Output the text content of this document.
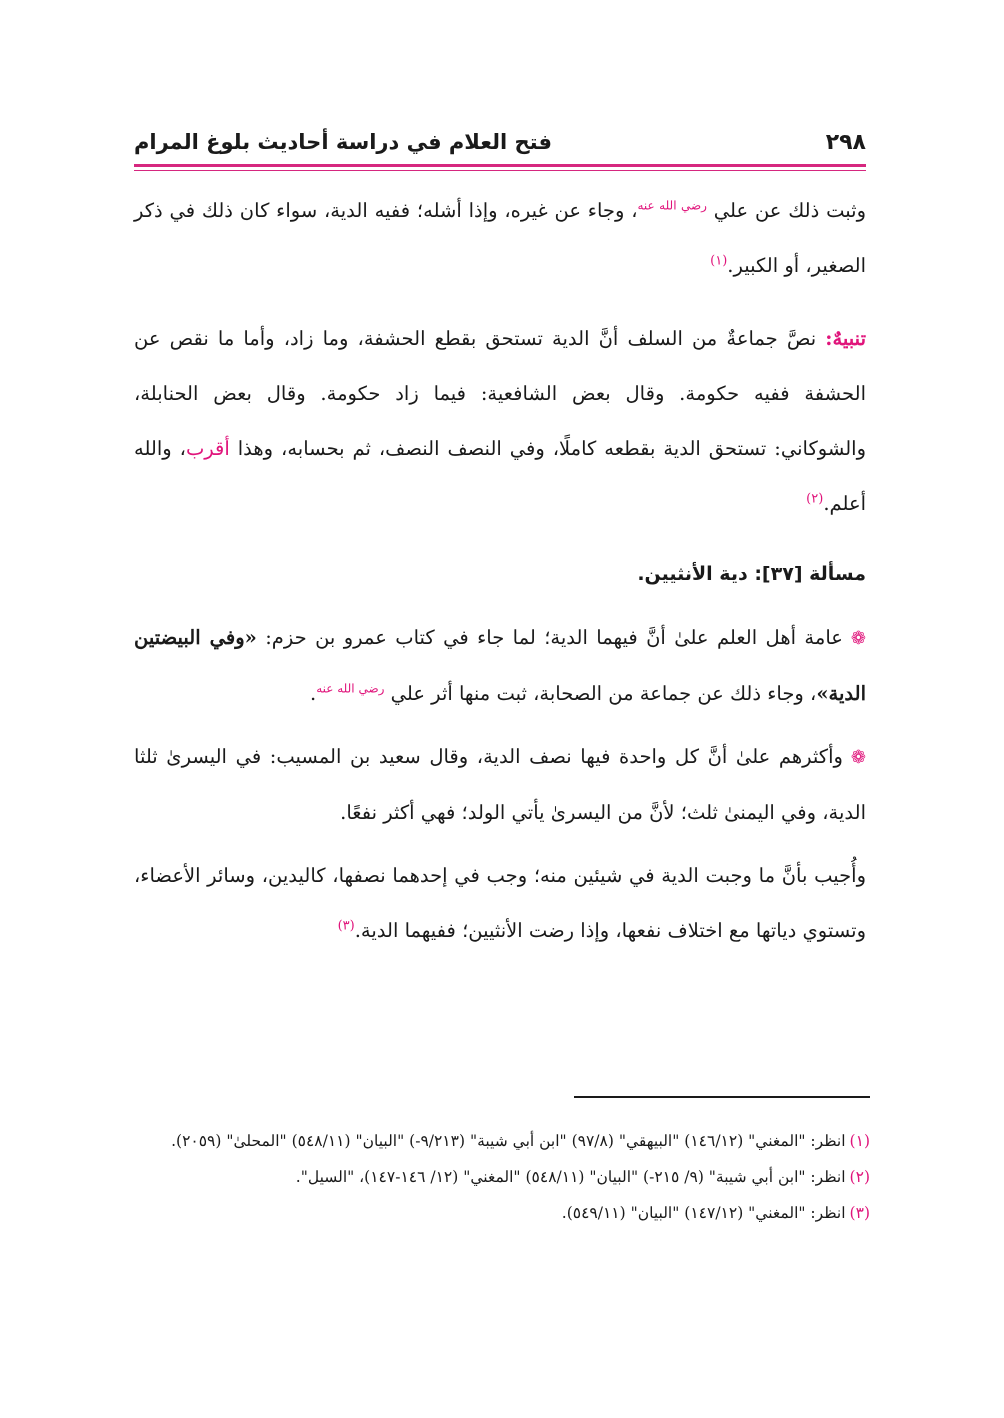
٢٩٨
فتح العلام في دراسة أحاديث بلوغ المرام

وثبت ذلك عن علي $^{رضي الله عنه}$، وجاء عن غيره، وإذا أشله؛ ففيه الدية، سواء كان ذلك في ذكر الصغير، أو الكبير.$^{(١)}$

تنبيهٌ: نصَّ جماعةٌ من السلف أنَّ الدية تستحق بقطع الحشفة، وما زاد، وأما ما نقص عن الحشفة ففيه حكومة. وقال بعض الشافعية: فيما زاد حكومة. وقال بعض الحنابلة، والشوكاني: تستحق الدية بقطعه كاملًا، وفي النصف النصف، ثم بحسابه، وهذا أقرب، والله أعلم.$^{(٢)}$

مسألة [٣٧]: دية الأنثيين.

❁عامة أهل العلم علىٰ أنَّ فيهما الدية؛ لما جاء في كتاب عمرو بن حزم: «وفي البيضتين الدية»، وجاء ذلك عن جماعة من الصحابة، ثبت منها أثر علي $^{رضي الله عنه}$.

❁وأكثرهم علىٰ أنَّ كل واحدة فيها نصف الدية، وقال سعيد بن المسيب: في اليسرىٰ ثلثا الدية، وفي اليمنىٰ ثلث؛ لأنَّ من اليسرىٰ يأتي الولد؛ فهي أكثر نفعًا.

وأُجيب بأنَّ ما وجبت الدية في شيئين منه؛ وجب في إحدهما نصفها، كاليدين، وسائر الأعضاء، وتستوي دياتها مع اختلاف نفعها، وإذا رضت الأنثيين؛ ففيهما الدية.$^{(٣)}$

(١)انظر: "المغني" (١٤٦/١٢) "البيهقي" (٩٧/٨) "ابن أبي شيبة" (٩/٢١٣-) "البيان" (٥٤٨/١١) "المحلىٰ" (٢٠٥٩).

(٢)انظر: "ابن أبي شيبة" (٩/ ٢١٥-) "البيان" (٥٤٨/١١) "المغني" (١٢/ ١٤٦-١٤٧)، "السيل".

(٣)انظر: "المغني" (١٤٧/١٢) "البيان" (٥٤٩/١١).
